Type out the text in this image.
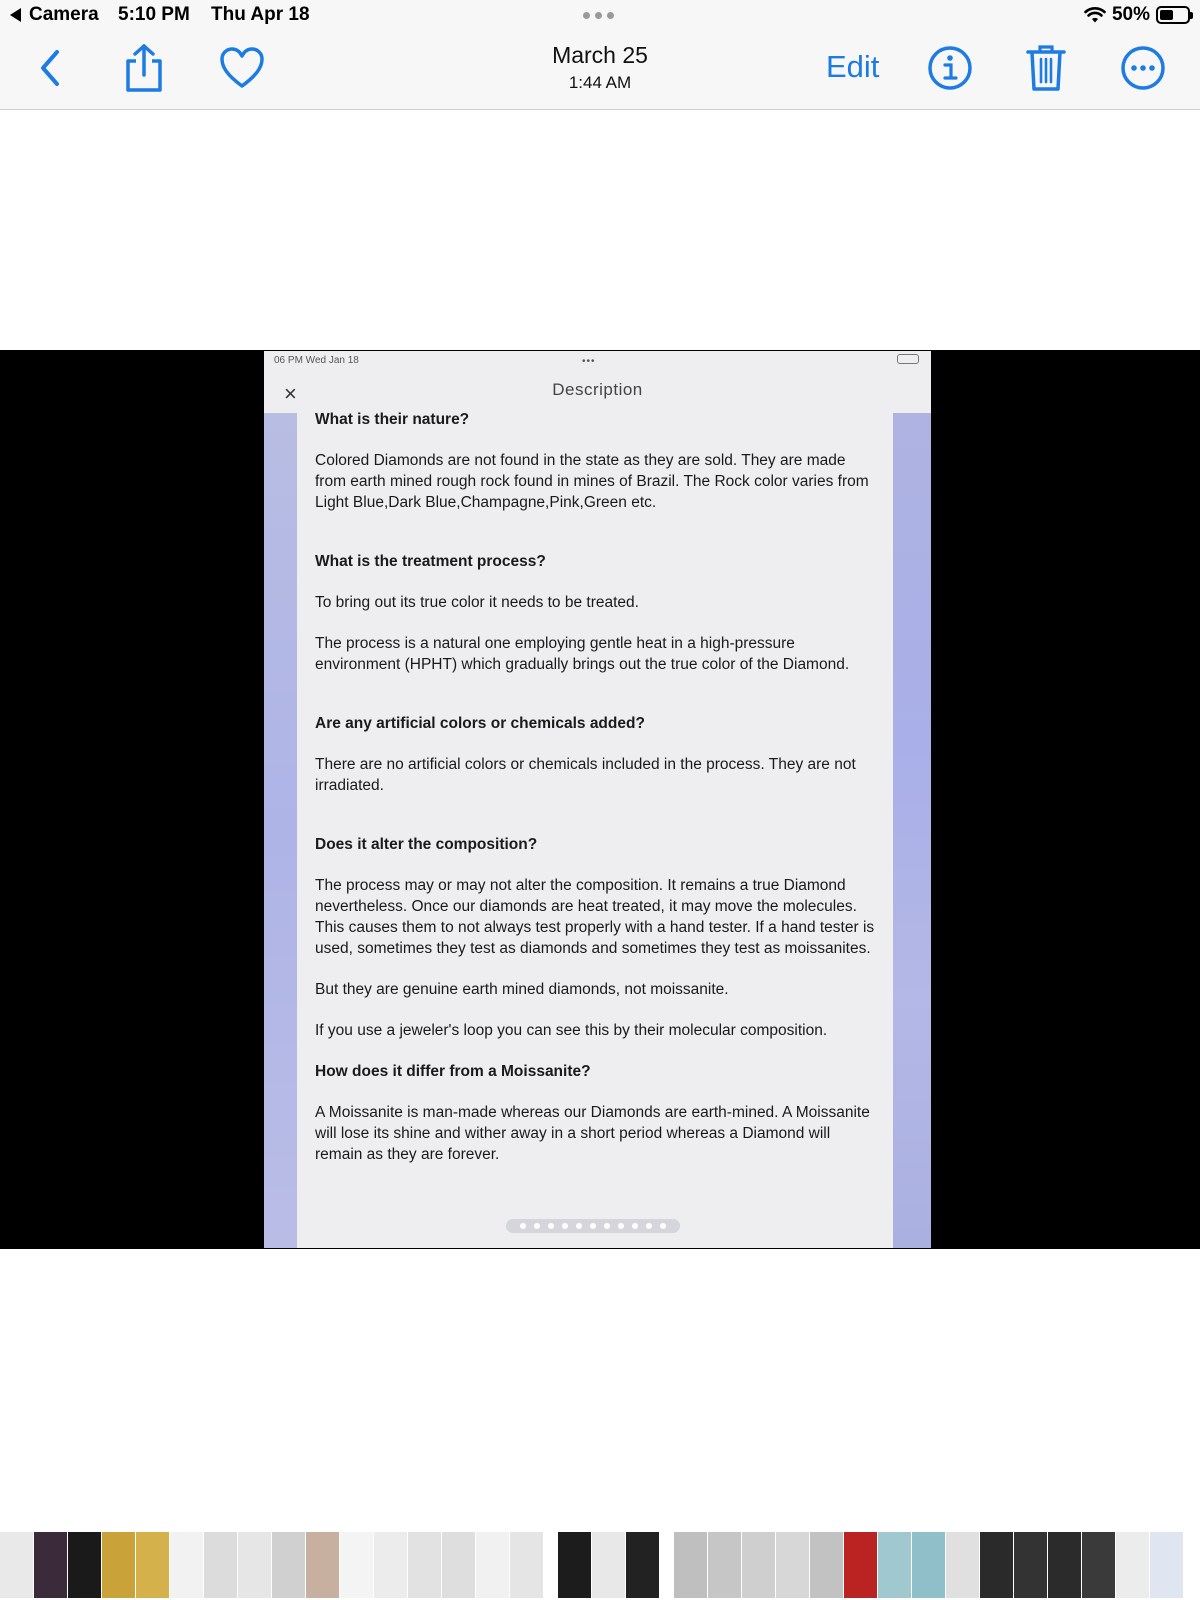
Camera 5:10 PM Thu Apr 18	50%
March 25
1:44 AM	Edit
06 PM Wed Jan 18	•••
×	Description
What is their nature?

Colored Diamonds are not found in the state as they are sold. They are made from earth mined rough rock found in mines of Brazil. The Rock color varies from Light Blue,Dark Blue,Champagne,Pink,Green etc.

What is the treatment process?

To bring out its true color it needs to be treated.

The process is a natural one employing gentle heat in a high-pressure environment (HPHT) which gradually brings out the true color of the Diamond.

Are any artificial colors or chemicals added?

There are no artificial colors or chemicals included in the process. They are not irradiated.

Does it alter the composition?

The process may or may not alter the composition. It remains a true Diamond nevertheless. Once our diamonds are heat treated, it may move the molecules. This causes them to not always test properly with a hand tester. If a hand tester is used, sometimes they test as diamonds and sometimes they test as moissanites.

But they are genuine earth mined diamonds, not moissanite.

If you use a jeweler's loop you can see this by their molecular composition.

How does it differ from a Moissanite?

A Moissanite is man-made whereas our Diamonds are earth-mined. A Moissanite will lose its shine and wither away in a short period whereas a Diamond will remain as they are forever.
